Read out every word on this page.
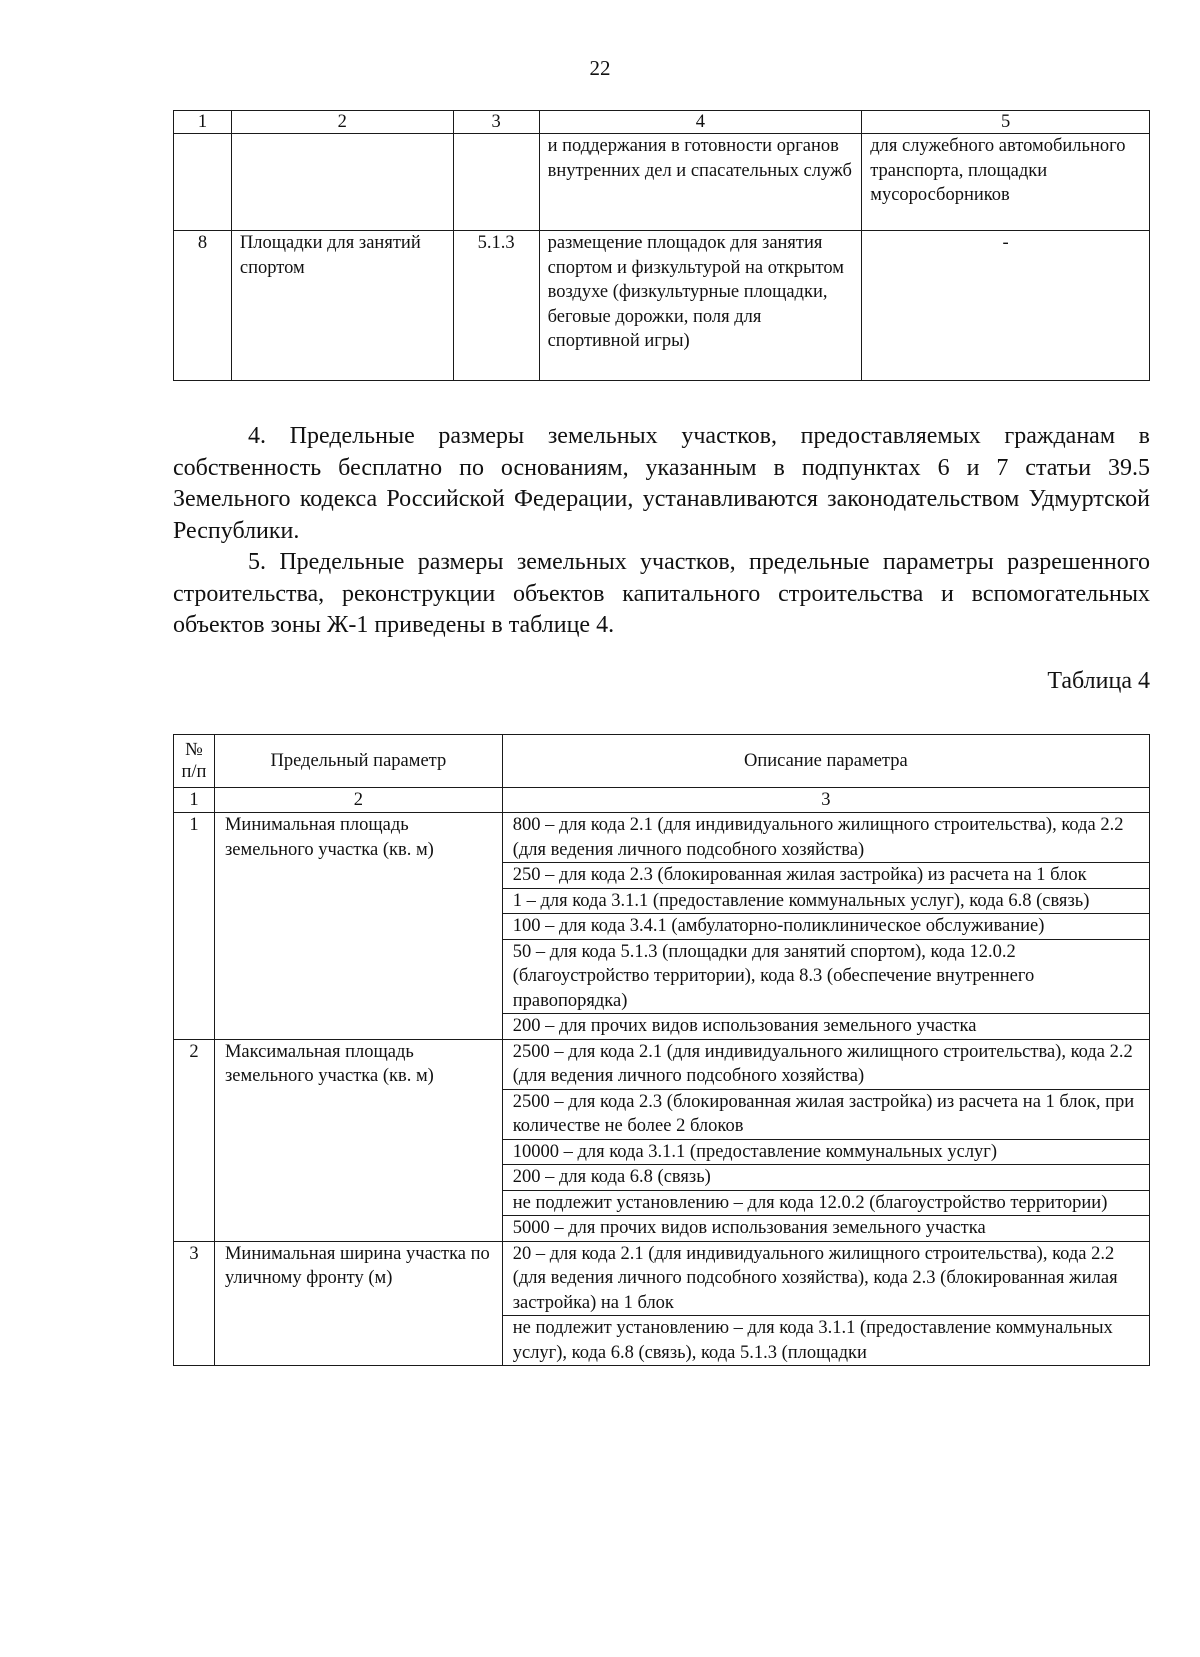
22
1	2	3	4	5
			и поддержания в готовности органов внутренних дел и спасательных служб	для служебного автомобильного транспорта, площадки мусоросборников
8	Площадки для занятий спортом	5.1.3	размещение площадок для занятия спортом и физкультурой на открытом воздухе (физкультурные площадки, беговые дорожки, поля для спортивной игры)	-

4. Предельные размеры земельных участков, предоставляемых гражданам в собственность бесплатно по основаниям, указанным в подпунктах 6 и 7 статьи 39.5 Земельного кодекса Российской Федерации, устанавливаются законодательством Удмуртской Республики.

5. Предельные размеры земельных участков, предельные параметры разрешенного строительства, реконструкции объектов капитального строительства и вспомогательных объектов зоны Ж-1 приведены в таблице 4.

Таблица 4
№ п/п	Предельный параметр	Описание параметра
1	2	3
1	Минимальная площадь земельного участка (кв. м)	800 – для кода 2.1 (для индивидуального жилищного строительства), кода 2.2 (для ведения личного подсобного хозяйства)
		250 – для кода 2.3 (блокированная жилая застройка) из расчета на 1 блок
		1 – для кода 3.1.1 (предоставление коммунальных услуг), кода 6.8 (связь)
		100 – для кода 3.4.1 (амбулаторно-поликлиническое обслуживание)
		50 – для кода 5.1.3 (площадки для занятий спортом), кода 12.0.2 (благоустройство территории), кода 8.3 (обеспечение внутреннего правопорядка)
		200 – для прочих видов использования земельного участка
2	Максимальная площадь земельного участка (кв. м)	2500 – для кода 2.1 (для индивидуального жилищного строительства), кода 2.2 (для ведения личного подсобного хозяйства)
		2500 – для кода 2.3 (блокированная жилая застройка) из расчета на 1 блок, при количестве не более 2 блоков
		10000 – для кода 3.1.1 (предоставление коммунальных услуг)
		200 – для кода 6.8 (связь)
		не подлежит установлению – для кода 12.0.2 (благоустройство территории)
		5000 – для прочих видов использования земельного участка
3	Минимальная ширина участка по уличному фронту (м)	20 – для кода 2.1 (для индивидуального жилищного строительства), кода 2.2 (для ведения личного подсобного хозяйства), кода 2.3 (блокированная жилая застройка) на 1 блок
		не подлежит установлению – для кода 3.1.1 (предоставление коммунальных услуг), кода 6.8 (связь), кода 5.1.3 (площадки
